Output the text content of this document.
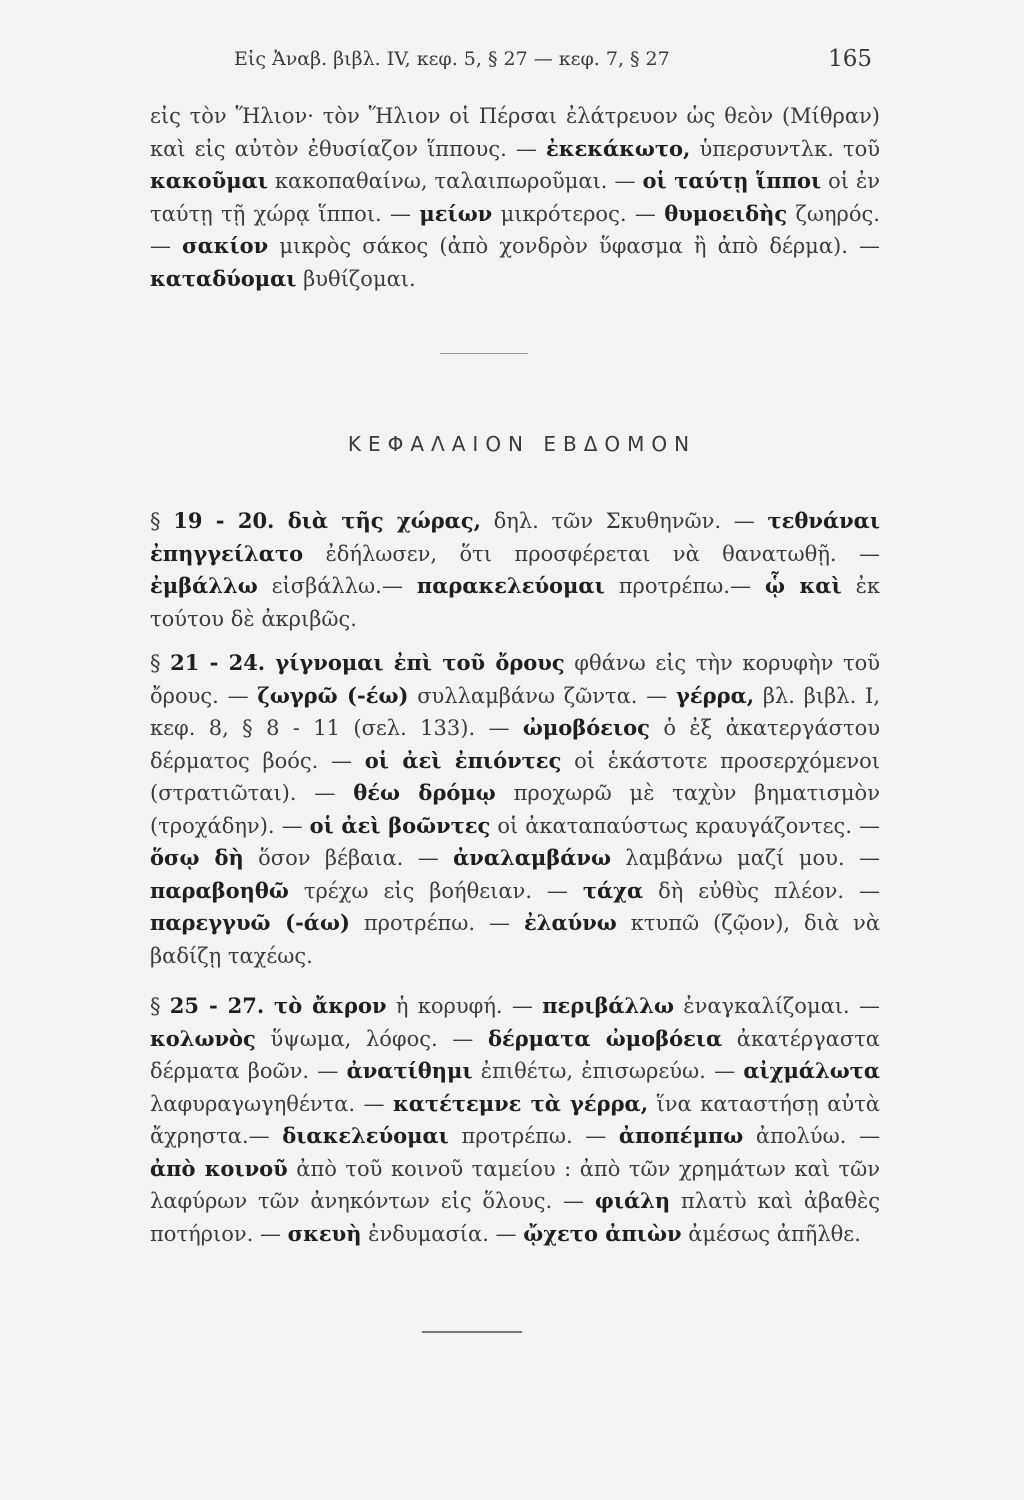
Εἰς Ἀναβ. βιβλ. IV, κεφ. 5, § 27 — κεφ. 7, § 27	165

εἰς τὸν Ἥλιον· τὸν Ἥλιον οἱ Πέρσαι ἐλάτρευον ὡς θεὸν (Μίθραν) καὶ εἰς αὐτὸν ἐθυσίαζον ἵππους. — ἐκεκάκωτο, ὑπερσυντλκ. τοῦ κακοῦμαι κακοπαθαίνω, ταλαιπωροῦμαι. — οἱ ταύτῃ ἵπποι οἱ ἐν ταύτῃ τῇ χώρᾳ ἵπποι. — μείων μικρότερος. — θυμοειδὴς ζωηρός. — σακίον μικρὸς σάκος (ἀπὸ χονδρὸν ὕφασμα ἢ ἀπὸ δέρμα). — καταδύομαι βυθίζομαι.

ΚΕΦΑΛΑΙΟΝ ΕΒΔΟΜΟΝ

§ 19 - 20. διὰ τῆς χώρας, δηλ. τῶν Σκυθηνῶν. — τεθνάναι ἐπηγγείλατο ἐδήλωσεν, ὅτι προσφέρεται νὰ θανατωθῇ. — ἐμβάλλω εἰσβάλλω.— παρακελεύομαι προτρέπω.— ᾧ καὶ ἐκ τούτου δὲ ἀκριβῶς.

§ 21 - 24. γίγνομαι ἐπὶ τοῦ ὄρους φθάνω εἰς τὴν κορυφὴν τοῦ ὄρους. — ζωγρῶ (-έω) συλλαμβάνω ζῶντα. — γέρρα, βλ. βιβλ. I, κεφ. 8, § 8 - 11 (σελ. 133). — ὠμοβόειος ὁ ἐξ ἀκατεργάστου δέρματος βοός. — οἱ ἀεὶ ἐπιόντες οἱ ἑκάστοτε προσερχόμενοι (στρατιῶται). — θέω δρόμῳ προχωρῶ μὲ ταχὺν βηματισμὸν (τροχάδην). — οἱ ἀεὶ βοῶντες οἱ ἀκαταπαύστως κραυγάζοντες. — ὅσῳ δὴ ὅσον βέβαια. — ἀναλαμβάνω λαμβάνω μαζί μου. — παραβοηθῶ τρέχω εἰς βοήθειαν. — τάχα δὴ εὐθὺς πλέον. — παρεγγυῶ (-άω) προτρέπω. — ἐλαύνω κτυπῶ (ζῷον), διὰ νὰ βαδίζῃ ταχέως.

§ 25 - 27. τὸ ἄκρον ἡ κορυφή. — περιβάλλω ἐναγκαλίζομαι. — κολωνὸς ὕψωμα, λόφος. — δέρματα ὠμοβόεια ἀκατέργαστα δέρματα βοῶν. — ἀνατίθημι ἐπιθέτω, ἐπισωρεύω. — αἰχμάλωτα λαφυραγωγηθέντα. — κατέτεμνε τὰ γέρρα, ἵνα καταστήσῃ αὐτὰ ἄχρηστα.— διακελεύομαι προτρέπω. — ἀποπέμπω ἀπολύω. — ἀπὸ κοινοῦ ἀπὸ τοῦ κοινοῦ ταμείου : ἀπὸ τῶν χρημάτων καὶ τῶν λαφύρων τῶν ἀνηκόντων εἰς ὅλους. — φιάλη πλατὺ καὶ ἀβαθὲς ποτήριον. — σκευὴ ἐνδυμασία. — ᾤχετο ἀπιὼν ἀμέσως ἀπῆλθε.
